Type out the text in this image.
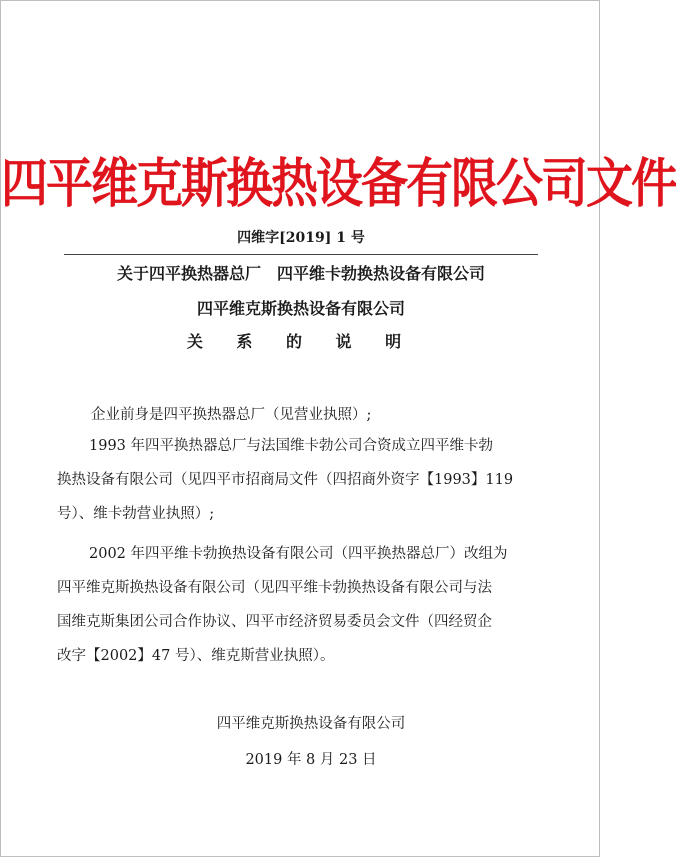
四平维克斯换热设备有限公司文件
四维字[2019] 1 号
关于四平换热器总厂　四平维卡勃换热设备有限公司
四平维克斯换热设备有限公司
关 系 的 说 明
企业前身是四平换热器总厂（见营业执照）;
1993 年四平换热器总厂与法国维卡勃公司合资成立四平维卡勃
换热设备有限公司（见四平市招商局文件（四招商外资字【1993】119
号）、维卡勃营业执照）;
2002 年四平维卡勃换热设备有限公司（四平换热器总厂）改组为
四平维克斯换热设备有限公司（见四平维卡勃换热设备有限公司与法
国维克斯集团公司合作协议、四平市经济贸易委员会文件（四经贸企
改字【2002】47 号）、维克斯营业执照）。
四平维克斯换热设备有限公司
2019 年 8 月 23 日
